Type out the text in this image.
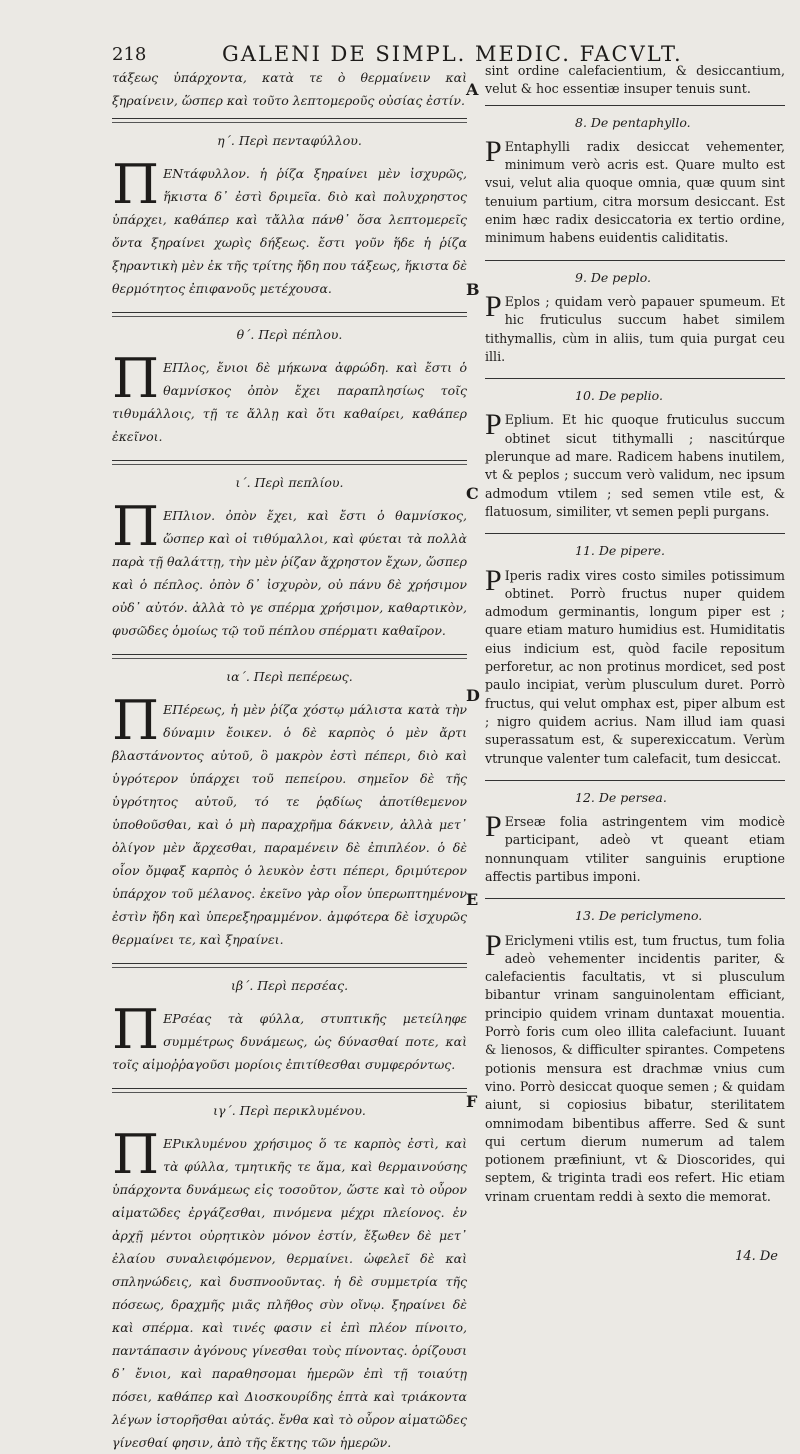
218	GALENI DE SIMPL. MEDIC. FACVLT.

τάξεως ὑπάρχοντα, κατὰ τε ὸ θερμαίνειν καὶ ξηραίνειν, ὥσπερ καὶ τοῦτο λεπτομεροῦς οὐσίας ἐστίν.

η΄. Περὶ πενταφύλλου.

Π ΕΝτάφυλλον. ἡ ῥίζα ξηραίνει μὲν ἰσχυρῶς, ἥκιστα δ᾽ ἐστὶ δριμεῖα. διὸ καὶ πολυχρηστος ὑπάρχει, καθάπερ καὶ τἄλλα πάνθ᾽ ὅσα λεπτομερεῖς ὄντα ξηραίνει χωρὶς δήξεως. ἔστι γοῦν ἥδε ἡ ῥίζα ξηραντικὴ μὲν ἐκ τῆς τρίτης ἤδη που τάξεως, ἥκιστα δὲ θερμότητος ἐπιφανοῦς μετέχουσα.

θ΄. Περὶ πέπλου.

Π ΕΠλος, ἔνιοι δὲ μήκωνα ἀφρώδη. καὶ ἔστι ὁ θαμνίσκος ὀπὸν ἔχει παραπλησίως τοῖς τιθυμάλλοις, τῇ τε ἄλλῃ καὶ ὅτι καθαίρει, καθάπερ ἐκεῖνοι.

ι΄. Περὶ πεπλίου.

Π ΕΠλιον. ὀπὸν ἔχει, καὶ ἔστι ὁ θαμνίσκος, ὥσπερ καὶ οἱ τιθύμαλλοι, καὶ φύεται τὰ πολλὰ παρὰ τῇ θαλάττῃ, τὴν μὲν ῥίζαν ἄχρηστον ἔχων, ὥσπερ καὶ ὁ πέπλος. ὀπὸν δ᾽ ἰσχυρὸν, οὐ πάνυ δὲ χρήσιμον οὐδ᾽ αὐτόν. ἀλλὰ τὸ γε σπέρμα χρήσιμον, καθαρτικὸν, φυσῶδες ὁμοίως τῷ τοῦ πέπλου σπέρματι καθαῖρον.

ια΄. Περὶ πεπέρεως.

Π ΕΠέρεως, ἡ μὲν ῥίζα χόστῳ μάλιστα κατὰ τὴν δύναμιν ἔοικεν. ὁ δὲ καρπὸς ὁ μὲν ἄρτι βλαστάνοντος αὐτοῦ, ὃ μακρὸν ἐστὶ πέπερι, διὸ καὶ ὑγρότερον ὑπάρχει τοῦ πεπείρου. σημεῖον δὲ τῆς ὑγρότητος αὐτοῦ, τό τε ῥᾳδίως ἀποτίθεμενον ὑποθοῦσθαι, καὶ ὁ μὴ παραχρῆμα δάκνειν, ἀλλὰ μετ᾽ ὀλίγον μὲν ἄρχεσθαι, παραμένειν δὲ ἐπιπλέον. ὁ δὲ οἷον ὄμφαξ καρπὸς ὁ λευκὸν ἐστι πέπερι, δριμύτερον ὑπάρχον τοῦ μέλανος. ἐκεῖνο γὰρ οἷον ὑπερωπτημένον ἐστὶν ἤδη καὶ ὑπερεξηραμμένον. ἀμφότερα δὲ ἰσχυρῶς θερμαίνει τε, καὶ ξηραίνει.

ιβ΄. Περὶ περσέας.

Π ΕΡσέας τὰ φύλλα, στυπτικῆς μετείληφε συμμέτρως δυνάμεως, ὡς δύνασθαί ποτε, καὶ τοῖς αἱμοῤῥαγοῦσι μορίοις ἐπιτίθεσθαι συμφερόντως.

ιγ΄. Περὶ περικλυμένου.

Π ΕΡικλυμένου χρήσιμος ὅ τε καρπὸς ἐστὶ, καὶ τὰ φύλλα, τμητικῆς τε ἅμα, καὶ θερμαινούσης ὑπάρχοντα δυνάμεως εἰς τοσοῦτον, ὥστε καὶ τὸ οὖρον αἱματῶδες ἐργάζεσθαι, πινόμενα μέχρι πλείονος. ἐν ἀρχῇ μέντοι οὐρητικὸν μόνον ἐστίν, ἔξωθεν δὲ μετ᾽ ἐλαίου συναλειφόμενον, θερμαίνει. ὠφελεῖ δὲ καὶ σπληνώδεις, καὶ δυσπνοοῦντας. ἡ δὲ συμμετρία τῆς πόσεως, δραχμῆς μιᾶς πλῆθος σὺν οἴνῳ. ξηραίνει δὲ καὶ σπέρμα. καὶ τινές φασιν εἰ ἐπὶ πλέον πίνοιτο, παντάπασιν ἀγόνους γίνεσθαι τοὺς πίνοντας. ὁρίζουσι δ᾽ ἔνιοι, καὶ παραθησομαι ἡμερῶν ἐπὶ τῇ τοιαύτῃ πόσει, καθάπερ καὶ Διοσκουρίδης ἑπτὰ καὶ τριάκοντα λέγων ἱστορῆσθαι αὐτάς. ἔνθα καὶ τὸ οὖρον αἱματῶδες γίνεσθαί φησιν, ἀπὸ τῆς ἕκτης τῶν ἡμερῶν.

A
B
C
D
E
F

sint ordine calefacientium, & desiccantium, velut & hoc essentiæ insuper tenuis sunt.

8. De pentaphyllo.

P Entaphylli radix desiccat vehementer, minimum verò acris est. Quare multo est vsui, velut alia quoque omnia, quæ quum sint tenuium partium, citra morsum desiccant. Est enim hæc radix desiccatoria ex tertio ordine, minimum habens euidentis caliditatis.

9. De peplo.

P Eplos ; quidam verò papauer spumeum. Et hic fruticulus succum habet similem tithymallis, cùm in aliis, tum quia purgat ceu illi.

10. De peplio.

P Eplium. Et hic quoque fruticulus succum obtinet sicut tithymalli ; nascitúrque plerunque ad mare. Radicem habens inutilem, vt & peplos ; succum verò validum, nec ipsum admodum vtilem ; sed semen vtile est, & flatuosum, similiter, vt semen pepli purgans.

11. De pipere.

P Iperis radix vires costo similes potissimum obtinet. Porrò fructus nuper quidem admodum germinantis, longum piper est ; quare etiam maturo humidius est. Humiditatis eius indicium est, quòd facile repositum perforetur, ac non protinus mordicet, sed post paulo incipiat, verùm plusculum duret. Porrò fructus, qui velut omphax est, piper album est ; nigro quidem acrius. Nam illud iam quasi superassatum est, & superexiccatum. Verùm vtrunque valenter tum calefacit, tum desiccat.

12. De persea.

P Erseæ folia astringentem vim modicè participant, adeò vt queant etiam nonnunquam vtiliter sanguinis eruptione affectis partibus imponi.

13. De periclymeno.

P Ericlymeni vtilis est, tum fructus, tum folia adeò vehementer incidentis pariter, & calefacientis facultatis, vt si plusculum bibantur vrinam sanguinolentam efficiant, principio quidem vrinam duntaxat mouentia. Porrò foris cum oleo illita calefaciunt. Iuuant & lienosos, & difficulter spirantes. Competens potionis mensura est drachmæ vnius cum vino. Porrò desiccat quoque semen ; & quidam aiunt, si copiosius bibatur, sterilitatem omnimodam bibentibus afferre. Sed & sunt qui certum dierum numerum ad talem potionem præfiniunt, vt & Dioscorides, qui septem, & triginta tradi eos refert. Hic etiam vrinam cruentam reddi à sexto die memorat.

14. De
